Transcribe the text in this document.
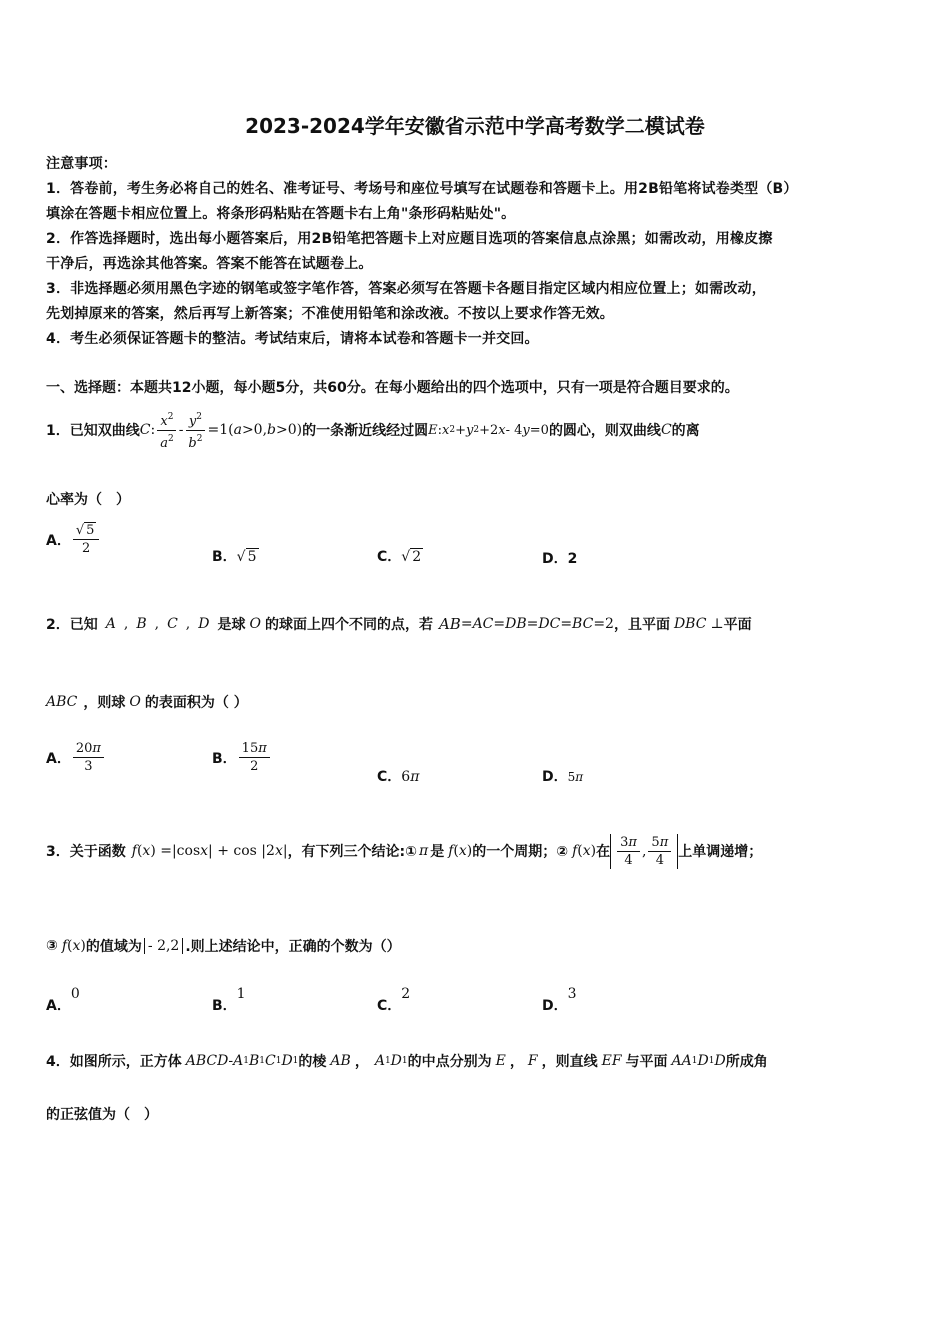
2023-2024学年安徽省示范中学高考数学二模试卷
注意事项：
1．答卷前，考生务必将自己的姓名、准考证号、考场号和座位号填写在试题卷和答题卡上。用2B铅笔将试卷类型（B）
填涂在答题卡相应位置上。将条形码粘贴在答题卡右上角"条形码粘贴处"。
2．作答选择题时，选出每小题答案后，用2B铅笔把答题卡上对应题目选项的答案信息点涂黑；如需改动，用橡皮擦
干净后，再选涂其他答案。答案不能答在试题卷上。
3．非选择题必须用黑色字迹的钢笔或签字笔作答，答案必须写在答题卡各题目指定区域内相应位置上；如需改动，
先划掉原来的答案，然后再写上新答案；不准使用铅笔和涂改液。不按以上要求作答无效。
4．考生必须保证答题卡的整洁。考试结束后，请将本试卷和答题卡一并交回。
一、选择题：本题共12小题，每小题5分，共60分。在每小题给出的四个选项中，只有一项是符合题目要求的。
1．已知双曲线 C : $\frac{x^2}{a^2} - \frac{y^2}{b^2} =1$( a >0, b >0) 的一条渐近线经过圆 E : x 2 + y 2 +2 x - 4 y =0 的圆心，则双曲线 C 的离
心率为（　）
A． $\frac{√ 5}{2}$	B．√ 5	C．√ 2	D．2
2．已知 A , B , C , D 是球 O 的球面上四个不同的点，若 AB = AC = DB = DC = BC =2 ，且平面 DBC ⊥ 平面
ABC ，则球 O 的表面积为（ ）
A． $\frac{20\pi}{3}$	B． $\frac{15\pi}{2}$
C．6π	D．5π
3．关于函数 f ( x ) =|cos x | + cos |2 x | ，有下列三个结论:① π 是 f ( x ) 的一个周期；② f ( x ) 在 $\frac{3\pi}{4}$ , $\frac{5\pi}{4}$ 上单调递增；
③ f ( x ) 的值域为 - 2,2 .则上述结论中，正确的个数为（）
A．0
B．1
C．2
D．3
4．如图所示，正方体 ABCD - A 1 B 1 C 1 D 1 的棱 AB ， A 1 D 1 的中点分别为 E ， F ，则直线 EF 与平面 AA 1 D 1 D 所成角
的正弦值为（　）
